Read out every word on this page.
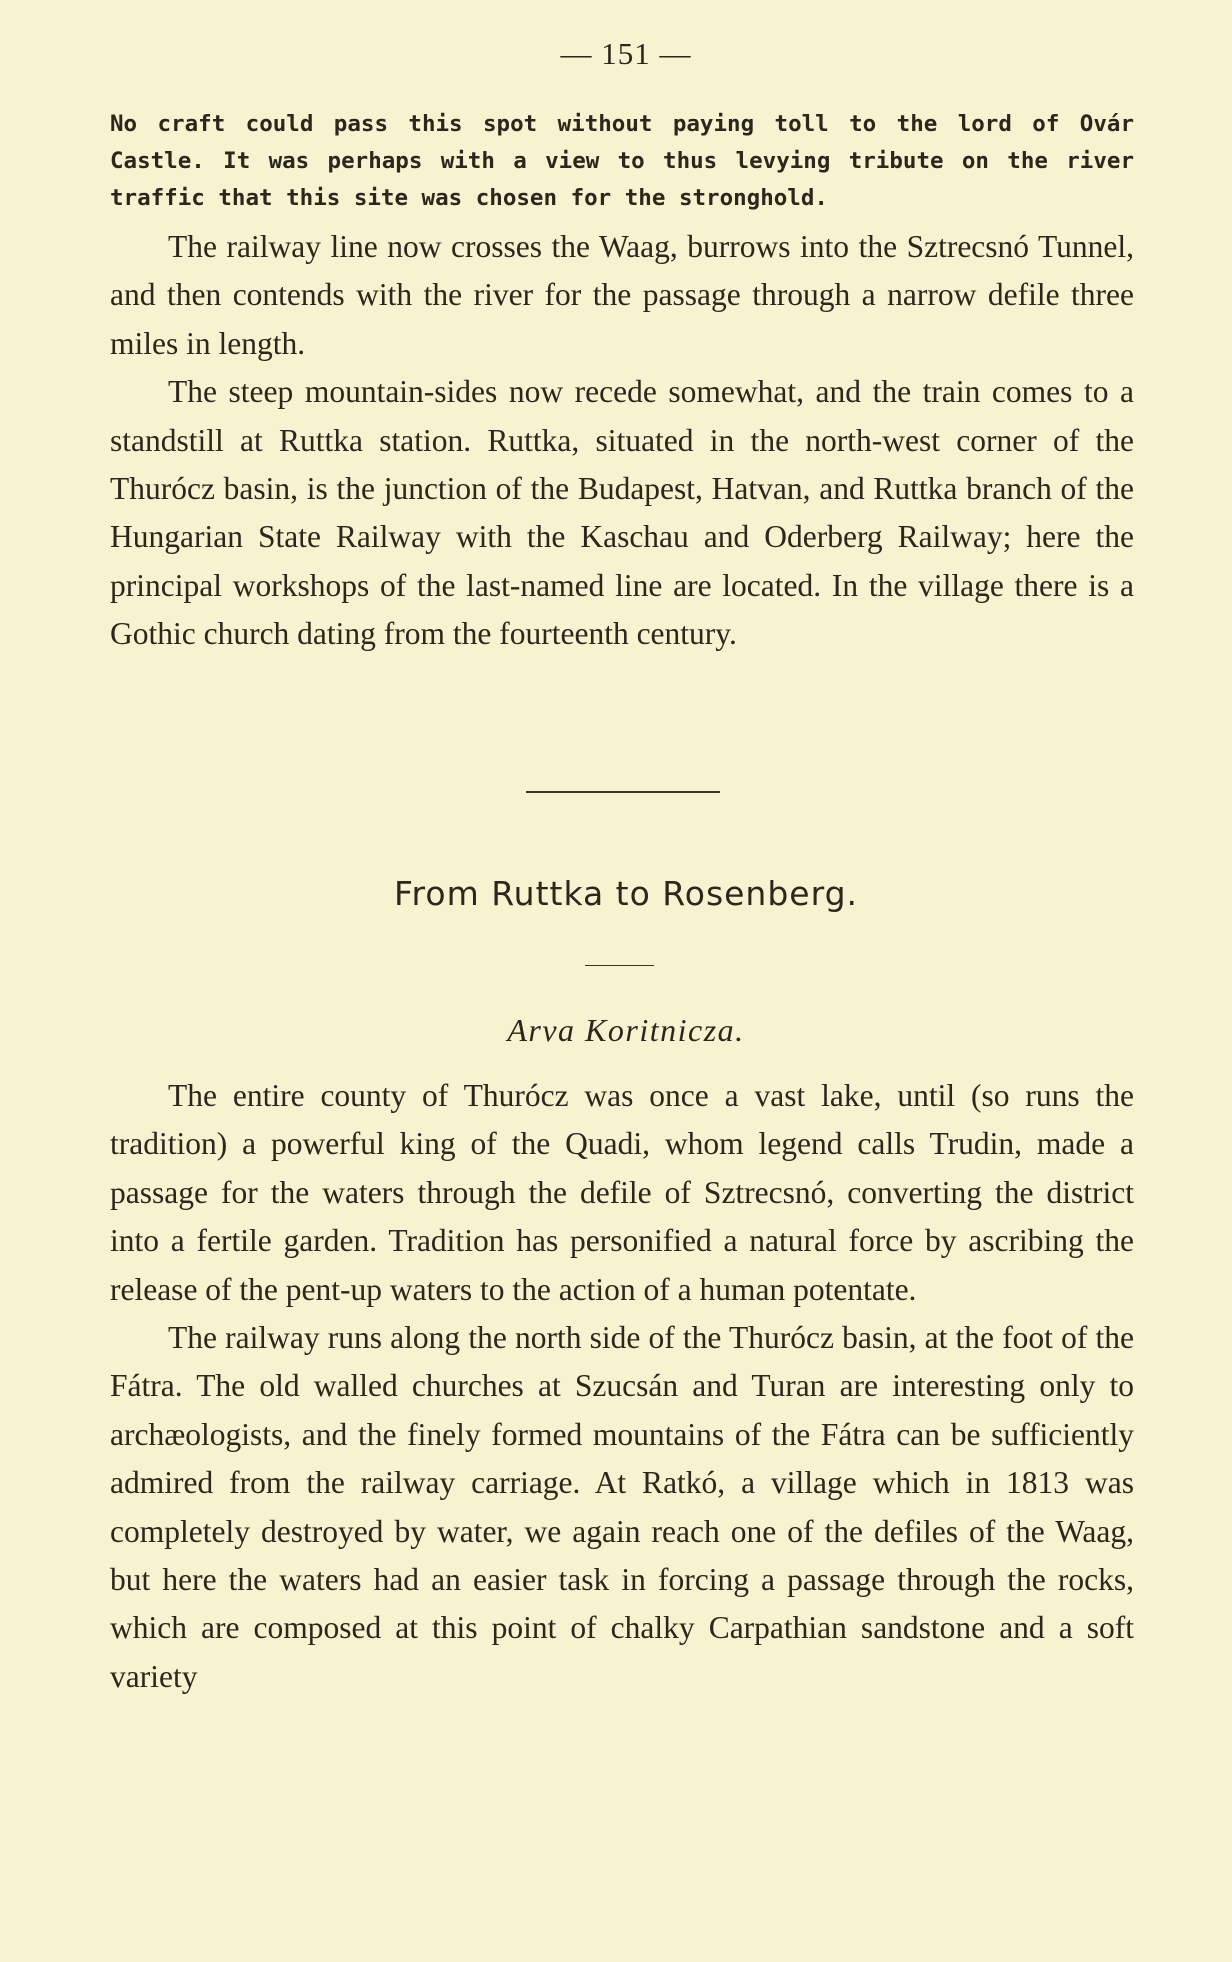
— 151 —
No craft could pass this spot without paying toll to the lord of Ovár Castle. It was perhaps with a view to thus levying tribute on the river traffic that this site was chosen for the stronghold.

The railway line now crosses the Waag, burrows into the Sztrecsnó Tunnel, and then contends with the river for the passage through a narrow defile three miles in length.

The steep mountain-sides now recede somewhat, and the train comes to a standstill at Ruttka station. Ruttka, situated in the north-west corner of the Thurócz basin, is the junction of the Budapest, Hatvan, and Ruttka branch of the Hungarian State Railway with the Kaschau and Oderberg Railway; here the principal workshops of the last-named line are located. In the village there is a Gothic church dating from the fourteenth century.

From Ruttka to Rosenberg.
Arva Koritnicza.

The entire county of Thurócz was once a vast lake, until (so runs the tradition) a powerful king of the Quadi, whom legend calls Trudin, made a passage for the waters through the defile of Sztrecsnó, converting the district into a fertile garden. Tradition has personified a natural force by ascribing the release of the pent-up waters to the action of a human potentate.

The railway runs along the north side of the Thurócz basin, at the foot of the Fátra. The old walled churches at Szucsán and Turan are interesting only to archæologists, and the finely formed mountains of the Fátra can be sufficiently admired from the railway carriage. At Ratkó, a village which in 1813 was completely destroyed by water, we again reach one of the defiles of the Waag, but here the waters had an easier task in forcing a passage through the rocks, which are composed at this point of chalky Carpathian sandstone and a soft variety
